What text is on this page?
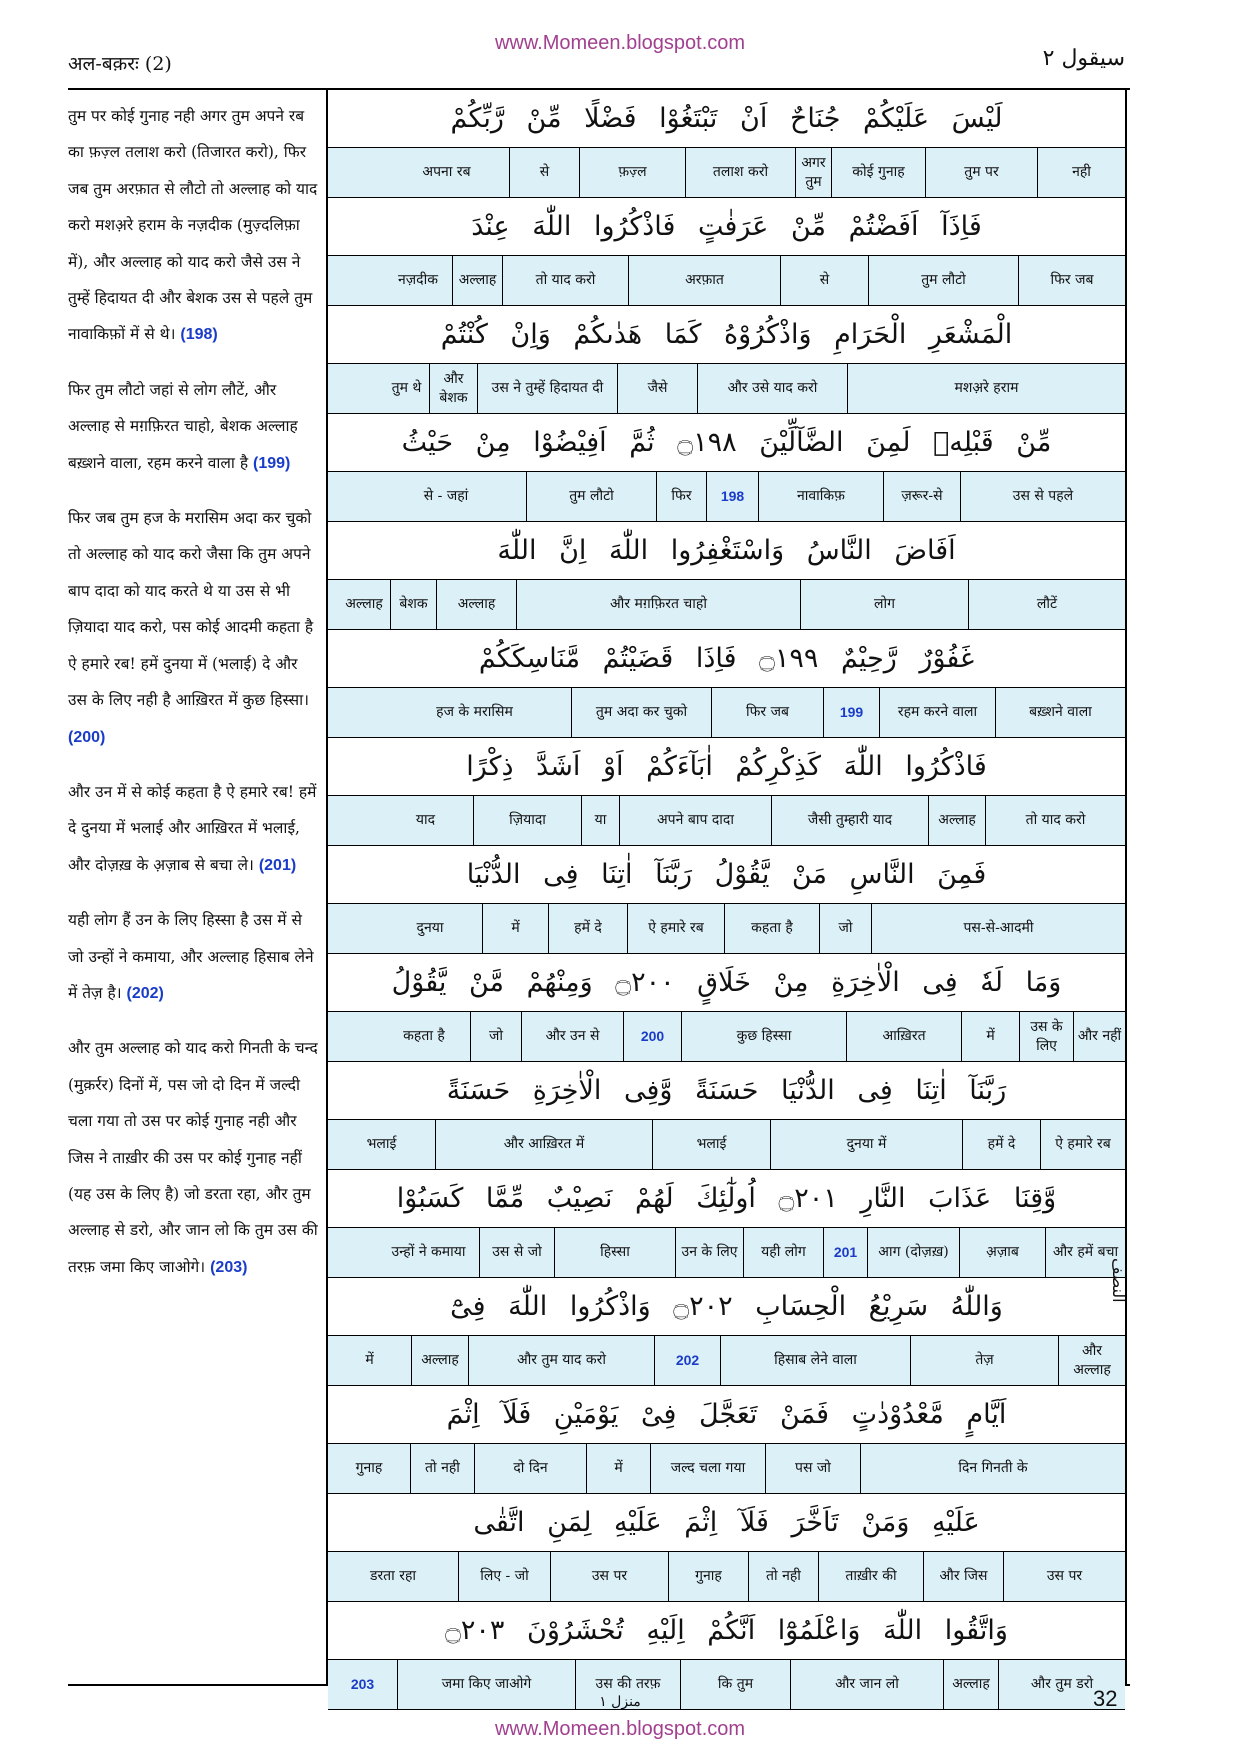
www.Momeen.blogspot.com
अल-बक़रः (2)	سیقول ۲

तुम पर कोई गुनाह नही अगर तुम अपने रब का फ़ज़्ल तलाश करो (तिजारत करो), फिर जब तुम अरफ़ात से लौटो तो अल्लाह को याद करो मशअ़रे हराम के नज़दीक (मुज़्दलिफ़ा में), और अल्लाह को याद करो जैसे उस ने तुम्हें हिदायत दी और बेशक उस से पहले तुम नावाकिफ़ों में से थे। (198)

फिर तुम लौटो जहां से लोग लौटें, और अल्लाह से मग़फ़िरत चाहो, बेशक अल्लाह बख़्शने वाला, रहम करने वाला है (199)

फिर जब तुम हज के मरासिम अदा कर चुको तो अल्लाह को याद करो जैसा कि तुम अपने बाप दादा को याद करते थे या उस से भी ज़ियादा याद करो, पस कोई आदमी कहता है ऐ हमारे रब! हमें दुनया में (भलाई) दे और उस के लिए नही है आख़िरत में कुछ हिस्सा। (200)

और उन में से कोई कहता है ऐ हमारे रब! हमें दे दुनया में भलाई और आख़िरत में भलाई, और दोज़ख़ के अ़ज़ाब से बचा ले। (201)

यही लोग हैं उन के लिए हिस्सा है उस में से जो उन्हों ने कमाया, और अल्लाह हिसाब लेने में तेज़ है। (202)

और तुम अल्लाह को याद करो गिनती के चन्द (मुक़र्रर) दिनों में, पस जो दो दिन में जल्दी चला गया तो उस पर कोई गुनाह नही और जिस ने ताख़ीर की उस पर कोई गुनाह नहीं (यह उस के लिए है) जो डरता रहा, और तुम अल्लाह से डरो, और जान लो कि तुम उस की तरफ़ जमा किए जाओगे। (203)

لَيْسَ عَلَيْكُمْ جُنَاحٌ اَنْ تَبْتَغُوْا فَضْلًا مِّنْ رَّبِّكُمْ
नही
तुम पर
कोई गुनाह
अगर तुम
तलाश करो
फ़ज़्ल
से
अपना रब
فَاِذَآ اَفَضْتُمْ مِّنْ عَرَفٰتٍ فَاذْكُرُوا اللّٰهَ عِنْدَ
फिर जब
तुम लौटो
से
अरफ़ात
तो याद करो
अल्लाह
नज़दीक
الْمَشْعَرِ الْحَرَامِ وَاذْكُرُوْهُ كَمَا هَدٰىكُمْ وَاِنْ كُنْتُمْ
मशअ़रे हराम
और उसे याद करो
जैसे
उस ने तुम्हें हिदायत दी
और बेशक
तुम थे
مِّنْ قَبْلِهٖ لَمِنَ الضَّآلِّيْنَ ۝١٩٨ ثُمَّ اَفِيْضُوْا مِنْ حَيْثُ
उस से पहले
ज़रूर-से
नावाकिफ़
198
फिर
तुम लौटो
से - जहां
اَفَاضَ النَّاسُ وَاسْتَغْفِرُوا اللّٰهَ اِنَّ اللّٰهَ
लौटें
लोग
और मग़फ़िरत चाहो
अल्लाह
बेशक
अल्लाह
غَفُوْرٌ رَّحِيْمٌ ۝١٩٩ فَاِذَا قَضَيْتُمْ مَّنَاسِكَكُمْ
बख़्शने वाला
रहम करने वाला
199
फिर जब
तुम अदा कर चुको
हज के मरासिम
فَاذْكُرُوا اللّٰهَ كَذِكْرِكُمْ اٰبَآءَكُمْ اَوْ اَشَدَّ ذِكْرًا
तो याद करो
अल्लाह
जैसी तुम्हारी याद
अपने बाप दादा
या
ज़ियादा
याद
فَمِنَ النَّاسِ مَنْ يَّقُوْلُ رَبَّنَآ اٰتِنَا فِى الدُّنْيَا
पस-से-आदमी
जो
कहता है
ऐ हमारे रब
हमें दे
में
दुनया
وَمَا لَهٗ فِى الْاٰخِرَةِ مِنْ خَلَاقٍ ۝٢٠٠ وَمِنْهُمْ مَّنْ يَّقُوْلُ
और नहीं
उस के लिए
में
आख़िरत
कुछ हिस्सा
200
और उन से
जो
कहता है
رَبَّنَآ اٰتِنَا فِى الدُّنْيَا حَسَنَةً وَّفِى الْاٰخِرَةِ حَسَنَةً
ऐ हमारे रब
हमें दे
दुनया में
भलाई
और आख़िरत में
भलाई
وَّقِنَا عَذَابَ النَّارِ ۝٢٠١ اُولٰٓئِكَ لَهُمْ نَصِيْبٌ مِّمَّا كَسَبُوْا
और हमें बचा
अ़ज़ाब
आग (दोज़ख़)
201
यही लोग
उन के लिए
हिस्सा
उस से जो
उन्हों ने कमाया
وَاللّٰهُ سَرِيْعُ الْحِسَابِ ۝٢٠٢ وَاذْكُرُوا اللّٰهَ فِىْٓ
और अल्लाह
तेज़
हिसाब लेने वाला
202
और तुम याद करो
अल्लाह
में
اَيَّامٍ مَّعْدُوْدٰتٍ فَمَنْ تَعَجَّلَ فِىْ يَوْمَيْنِ فَلَآ اِثْمَ
दिन गिनती के
पस जो
जल्द चला गया
में
दो दिन
तो नही
गुनाह
عَلَيْهِ وَمَنْ تَاَخَّرَ فَلَآ اِثْمَ عَلَيْهِ لِمَنِ اتَّقٰى
उस पर
और जिस
ताख़ीर की
तो नही
गुनाह
उस पर
लिए - जो
डरता रहा
وَاتَّقُوا اللّٰهَ وَاعْلَمُوْٓا اَنَّكُمْ اِلَيْهِ تُحْشَرُوْنَ ۝٢٠٣
और तुम डरो
अल्लाह
और जान लो
कि तुम
उस की तरफ़
जमा किए जाओगे
203
النصف
منزل ۱	32
www.Momeen.blogspot.com
